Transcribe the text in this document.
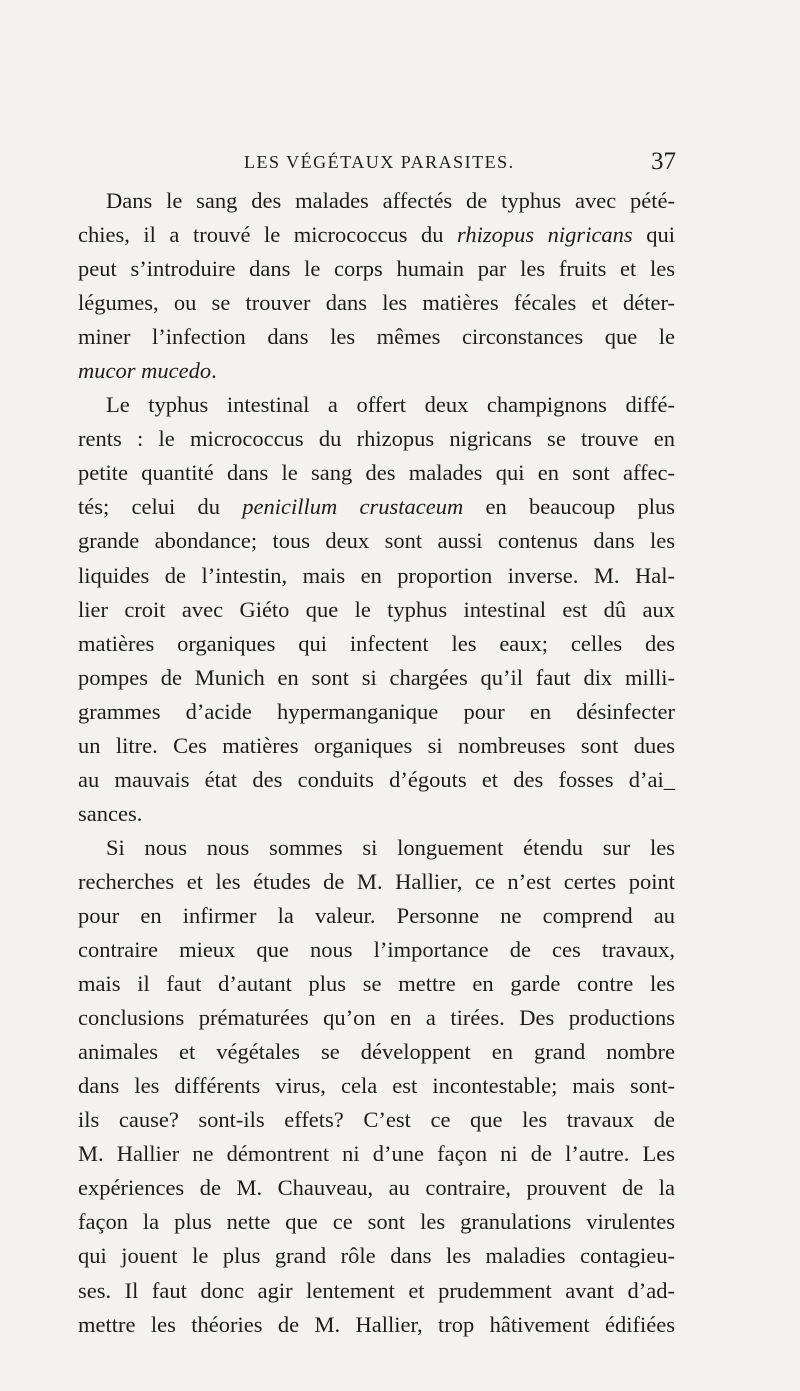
LES VÉGÉTAUX PARASITES.	37
Dans le sang des malades affectés de typhus avec pété-
chies, il a trouvé le micrococcus du rhizopus nigricans qui
peut s’introduire dans le corps humain par les fruits et les
légumes, ou se trouver dans les matières fécales et déter-
miner l’infection dans les mêmes circonstances que le
mucor mucedo.
Le typhus intestinal a offert deux champignons diffé-
rents : le micrococcus du rhizopus nigricans se trouve en
petite quantité dans le sang des malades qui en sont affec-
tés; celui du penicillum crustaceum en beaucoup plus
grande abondance; tous deux sont aussi contenus dans les
liquides de l’intestin, mais en proportion inverse. M. Hal-
lier croit avec Giéto que le typhus intestinal est dû aux
matières organiques qui infectent les eaux; celles des
pompes de Munich en sont si chargées qu’il faut dix milli-
grammes d’acide hypermanganique pour en désinfecter
un litre. Ces matières organiques si nombreuses sont dues
au mauvais état des conduits d’égouts et des fosses d’ai_
sances.
Si nous nous sommes si longuement étendu sur les
recherches et les études de M. Hallier, ce n’est certes point
pour en infirmer la valeur. Personne ne comprend au
contraire mieux que nous l’importance de ces travaux,
mais il faut d’autant plus se mettre en garde contre les
conclusions prématurées qu’on en a tirées. Des productions
animales et végétales se développent en grand nombre
dans les différents virus, cela est incontestable; mais sont-
ils cause? sont-ils effets? C’est ce que les travaux de
M. Hallier ne démontrent ni d’une façon ni de l’autre. Les
expériences de M. Chauveau, au contraire, prouvent de la
façon la plus nette que ce sont les granulations virulentes
qui jouent le plus grand rôle dans les maladies contagieu-
ses. Il faut donc agir lentement et prudemment avant d’ad-
mettre les théories de M. Hallier, trop hâtivement édifiées
